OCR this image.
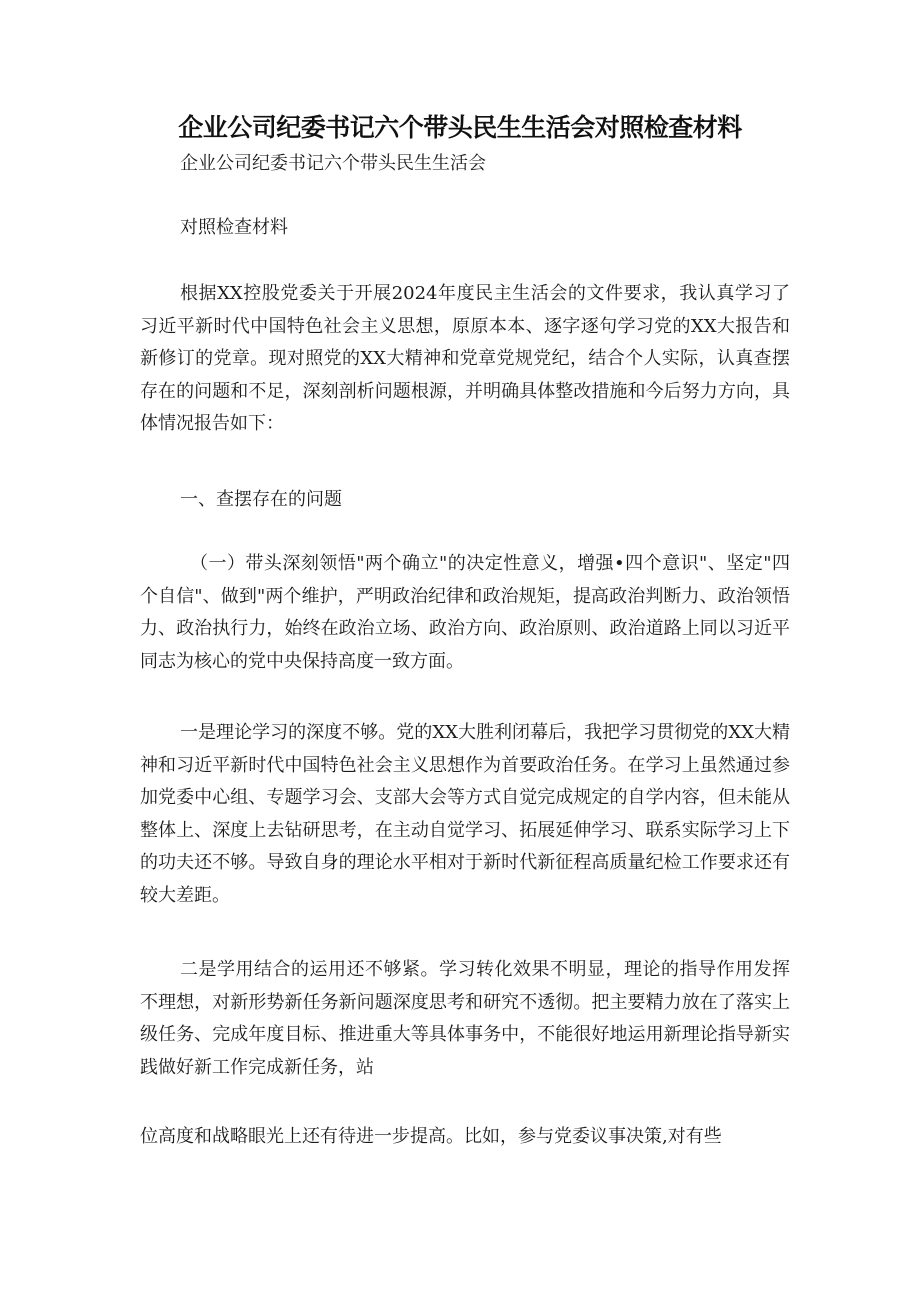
企业公司纪委书记六个带头民生生活会对照检查材料
企业公司纪委书记六个带头民生生活会
对照检查材料
根据XX控股党委关于开展2024年度民主生活会的文件要求，我认真学习了习近平新时代中国特色社会主义思想，原原本本、逐字逐句学习党的XX大报告和新修订的党章。现对照党的XX大精神和党章党规党纪，结合个人实际，认真查摆存在的问题和不足，深刻剖析问题根源，并明确具体整改措施和今后努力方向，具体情况报告如下：
一、查摆存在的问题
（一）带头深刻领悟"两个确立"的决定性意义，增强•四个意识"、坚定"四个自信"、做到"两个维护，严明政治纪律和政治规矩，提高政治判断力、政治领悟力、政治执行力，始终在政治立场、政治方向、政治原则、政治道路上同以习近平同志为核心的党中央保持高度一致方面。
一是理论学习的深度不够。党的XX大胜利闭幕后，我把学习贯彻党的XX大精神和习近平新时代中国特色社会主义思想作为首要政治任务。在学习上虽然通过参加党委中心组、专题学习会、支部大会等方式自觉完成规定的自学内容，但未能从整体上、深度上去钻研思考，在主动自觉学习、拓展延伸学习、联系实际学习上下的功夫还不够。导致自身的理论水平相对于新时代新征程高质量纪检工作要求还有较大差距。
二是学用结合的运用还不够紧。学习转化效果不明显，理论的指导作用发挥不理想，对新形势新任务新问题深度思考和研究不透彻。把主要精力放在了落实上级任务、完成年度目标、推进重大等具体事务中，不能很好地运用新理论指导新实践做好新工作完成新任务，站
位高度和战略眼光上还有待进一步提高。比如，参与党委议事决策,对有些
